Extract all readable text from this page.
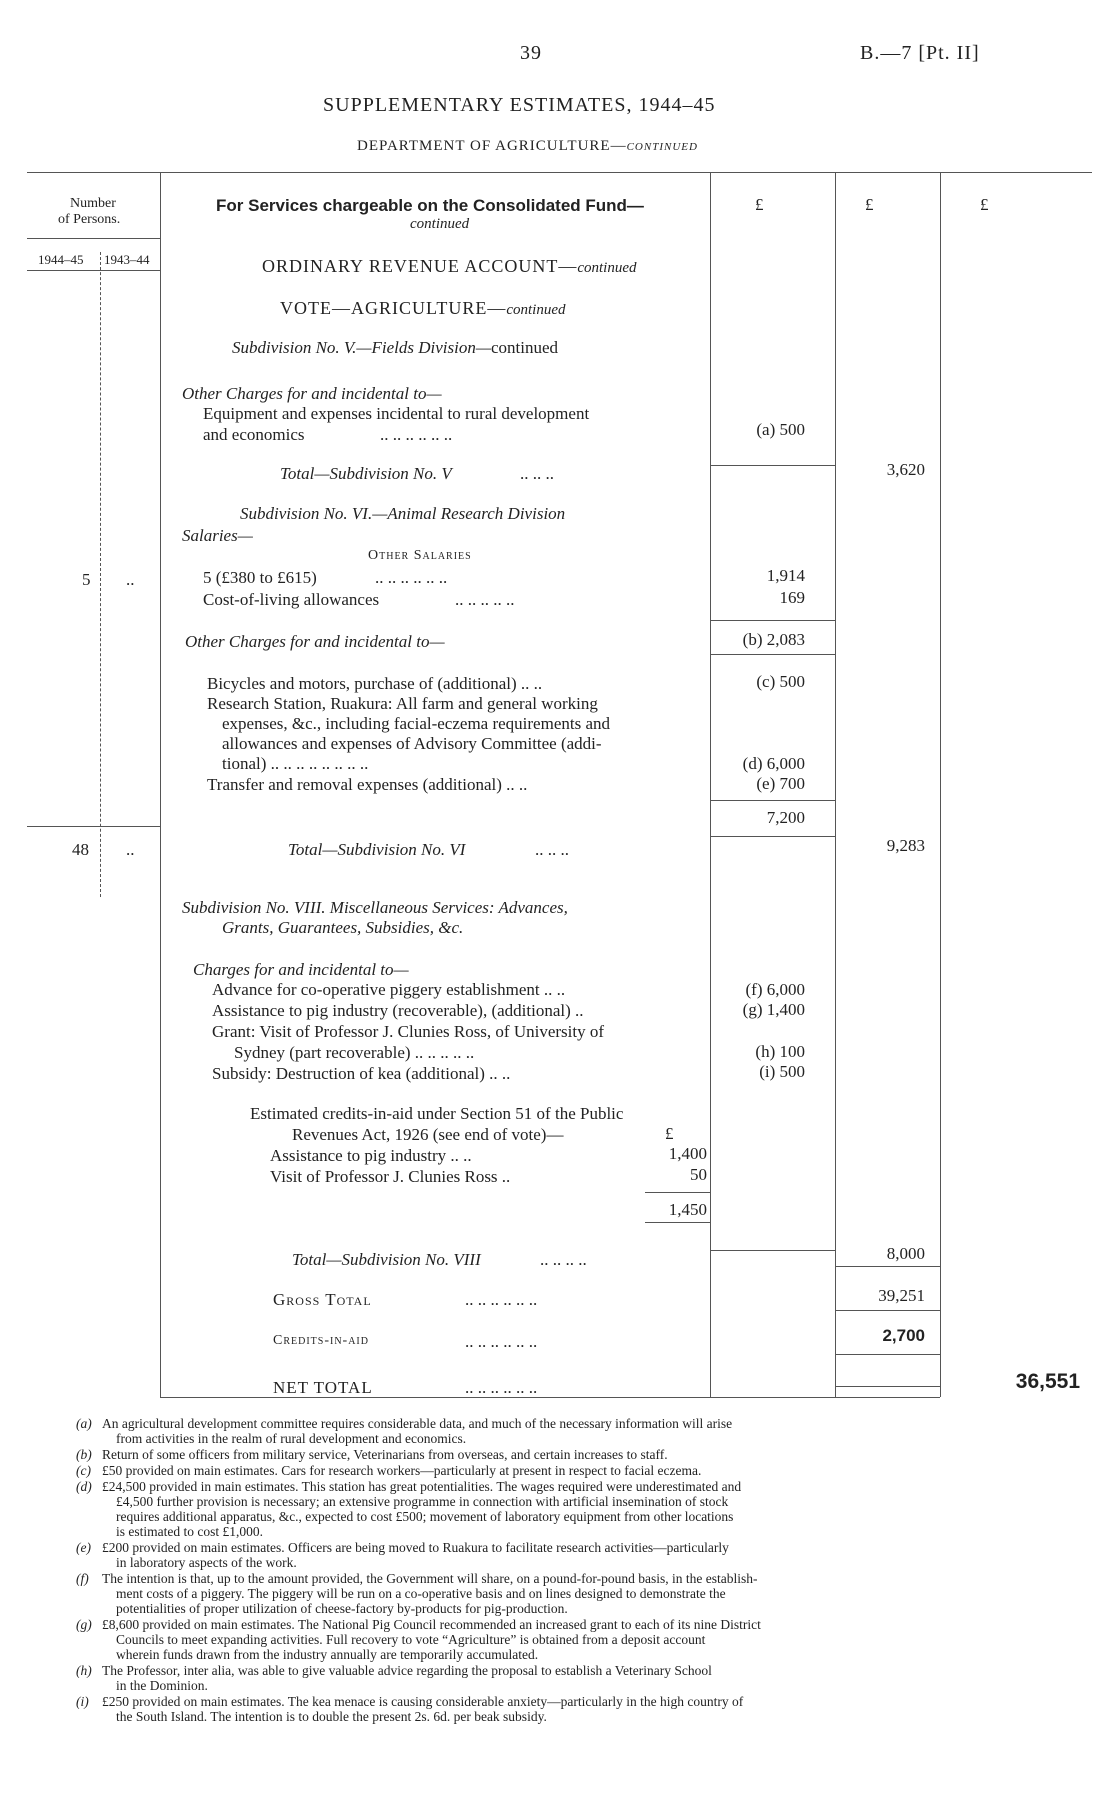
39	B.—7 [Pt. II]
SUPPLEMENTARY ESTIMATES, 1944–45
DEPARTMENT OF AGRICULTURE—continued
Number
of Persons.
1944–45 1943–44
For Services chargeable on the Consolidated Fund—
continued
£	£	£
ORDINARY REVENUE ACCOUNT—continued
VOTE—AGRICULTURE—continued
Subdivision No. V.—Fields Division—continued
Other Charges for and incidental to—
Equipment and expenses incidental to rural development
and economics	.. .. .. .. .. ..	(a) 500
Total—Subdivision No. V	.. .. ..	3,620
Subdivision No. VI.—Animal Research Division
Salaries—
Other Salaries
5 ..	5 (£380 to £615)	.. .. .. .. .. ..	1,914
Cost-of-living allowances	.. .. .. .. ..	169
Other Charges for and incidental to—	(b) 2,083
Bicycles and motors, purchase of (additional) .. ..	(c) 500
Research Station, Ruakura: All farm and general working
expenses, &c., including facial-eczema requirements and
allowances and expenses of Advisory Committee (addi-
tional) .. .. .. .. .. .. .. ..	(d) 6,000
Transfer and removal expenses (additional) .. ..	(e) 700
7,200
48 ..	Total—Subdivision No. VI	.. .. ..	9,283
Subdivision No. VIII. Miscellaneous Services: Advances,
Grants, Guarantees, Subsidies, &c.
Charges for and incidental to—
Advance for co-operative piggery establishment .. ..	(f) 6,000
Assistance to pig industry (recoverable), (additional) ..	(g) 1,400
Grant: Visit of Professor J. Clunies Ross, of University of
Sydney (part recoverable) .. .. .. .. ..	(h) 100
Subsidy: Destruction of kea (additional) .. ..	(i) 500
Estimated credits-in-aid under Section 51 of the Public
Revenues Act, 1926 (see end of vote)—	£
Assistance to pig industry .. ..	1,400
Visit of Professor J. Clunies Ross ..	50
1,450
Total—Subdivision No. VIII	.. .. .. ..	8,000
Gross Total	.. .. .. .. .. ..	39,251
Credits-in-aid	.. .. .. .. .. ..	2,700
NET TOTAL	.. .. .. .. .. ..	36,551
(a) An agricultural development committee requires considerable data, and much of the necessary information will arise
from activities in the realm of rural development and economics.
(b) Return of some officers from military service, Veterinarians from overseas, and certain increases to staff.
(c) £50 provided on main estimates. Cars for research workers—particularly at present in respect to facial eczema.
(d) £24,500 provided in main estimates. This station has great potentialities. The wages required were underestimated and
£4,500 further provision is necessary; an extensive programme in connection with artificial insemination of stock
requires additional apparatus, &c., expected to cost £500; movement of laboratory equipment from other locations
is estimated to cost £1,000.
(e) £200 provided on main estimates. Officers are being moved to Ruakura to facilitate research activities—particularly
in laboratory aspects of the work.
(f) The intention is that, up to the amount provided, the Government will share, on a pound-for-pound basis, in the establish-
ment costs of a piggery. The piggery will be run on a co-operative basis and on lines designed to demonstrate the
potentialities of proper utilization of cheese-factory by-products for pig-production.
(g) £8,600 provided on main estimates. The National Pig Council recommended an increased grant to each of its nine District
Councils to meet expanding activities. Full recovery to vote “Agriculture” is obtained from a deposit account
wherein funds drawn from the industry annually are temporarily accumulated.
(h) The Professor, inter alia, was able to give valuable advice regarding the proposal to establish a Veterinary School
in the Dominion.
(i) £250 provided on main estimates. The kea menace is causing considerable anxiety—particularly in the high country of
the South Island. The intention is to double the present 2s. 6d. per beak subsidy.
